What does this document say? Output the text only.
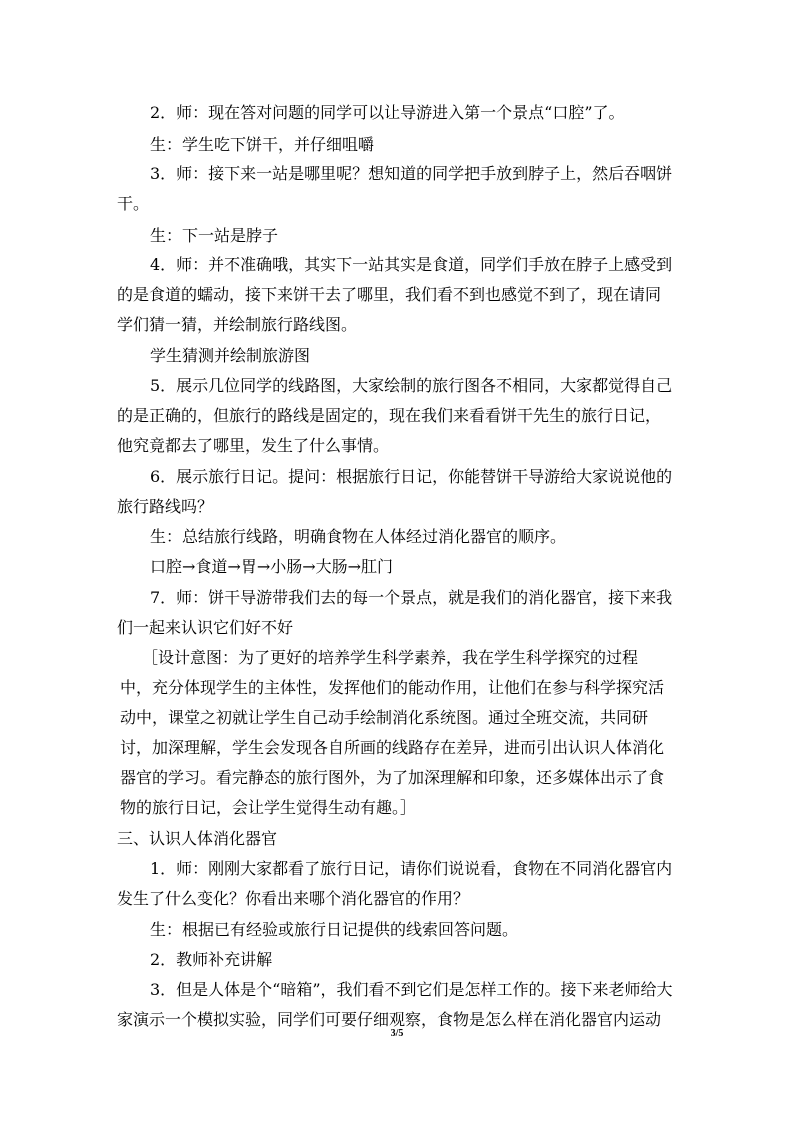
2．师：现在答对问题的同学可以让导游进入第一个景点“口腔”了。
生：学生吃下饼干，并仔细咀嚼
3．师：接下来一站是哪里呢？想知道的同学把手放到脖子上，然后吞咽饼
干。
生：下一站是脖子
4．师：并不准确哦，其实下一站其实是食道，同学们手放在脖子上感受到
的是食道的蠕动，接下来饼干去了哪里，我们看不到也感觉不到了，现在请同
学们猜一猜，并绘制旅行路线图。
学生猜测并绘制旅游图
5．展示几位同学的线路图，大家绘制的旅行图各不相同，大家都觉得自己
的是正确的，但旅行的路线是固定的，现在我们来看看饼干先生的旅行日记，
他究竟都去了哪里，发生了什么事情。
6．展示旅行日记。提问：根据旅行日记，你能替饼干导游给大家说说他的
旅行路线吗？
生：总结旅行线路，明确食物在人体经过消化器官的顺序。
口腔→食道→胃→小肠→大肠→肛门
7．师：饼干导游带我们去的每一个景点，就是我们的消化器官，接下来我
们一起来认识它们好不好
［设计意图：为了更好的培养学生科学素养，我在学生科学探究的过程
中，充分体现学生的主体性，发挥他们的能动作用，让他们在参与科学探究活
动中，课堂之初就让学生自己动手绘制消化系统图。通过全班交流，共同研
讨，加深理解，学生会发现各自所画的线路存在差异，进而引出认识人体消化
器官的学习。看完静态的旅行图外，为了加深理解和印象，还多媒体出示了食
物的旅行日记，会让学生觉得生动有趣。］
三、认识人体消化器官
1．师：刚刚大家都看了旅行日记，请你们说说看，食物在不同消化器官内
发生了什么变化？你看出来哪个消化器官的作用？
生：根据已有经验或旅行日记提供的线索回答问题。
2．教师补充讲解
3．但是人体是个“暗箱”，我们看不到它们是怎样工作的。接下来老师给大
家演示一个模拟实验，同学们可要仔细观察，食物是怎么样在消化器官内运动
3/5
